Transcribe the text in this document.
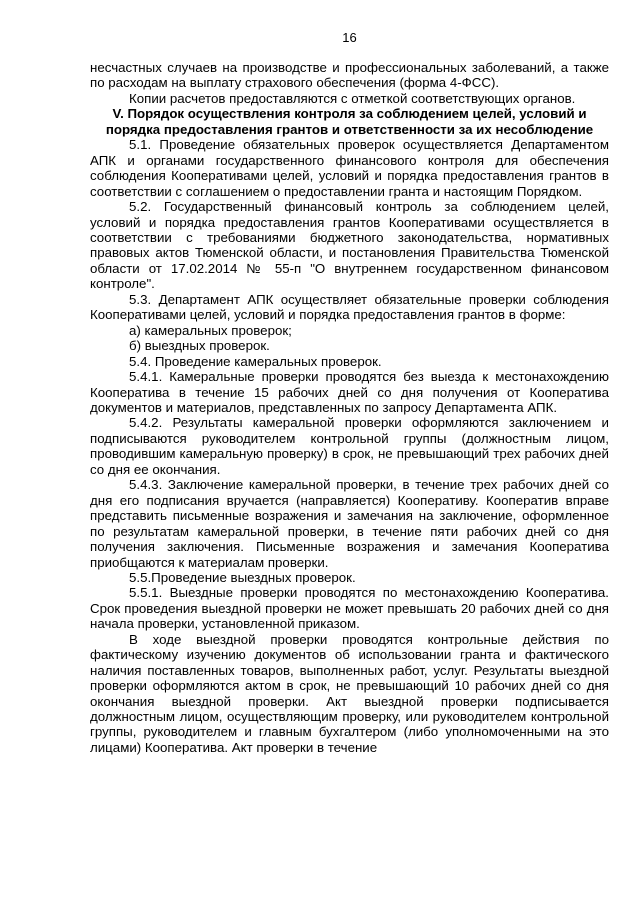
16

несчастных случаев на производстве и профессиональных заболеваний, а также по расходам на выплату страхового обеспечения (форма 4-ФСС).

Копии расчетов предоставляются с отметкой соответствующих органов.

V. Порядок осуществления контроля за соблюдением целей, условий и порядка предоставления грантов и ответственности за их несоблюдение

5.1. Проведение обязательных проверок осуществляется Департаментом АПК и органами государственного финансового контроля для обеспечения соблюдения Кооперативами целей, условий и порядка предоставления грантов в соответствии с соглашением о предоставлении гранта и настоящим Порядком.

5.2. Государственный финансовый контроль за соблюдением целей, условий и порядка предоставления грантов Кооперативами осуществляется в соответствии с требованиями бюджетного законодательства, нормативных правовых актов Тюменской области, и постановления Правительства Тюменской области от 17.02.2014 № 55-п "О внутреннем государственном финансовом контроле".

5.3. Департамент АПК осуществляет обязательные проверки соблюдения Кооперативами целей, условий и порядка предоставления грантов в форме:

а) камеральных проверок;

б) выездных проверок.

5.4. Проведение камеральных проверок.

5.4.1. Камеральные проверки проводятся без выезда к местонахождению Кооператива в течение 15 рабочих дней со дня получения от Кооператива документов и материалов, представленных по запросу Департамента АПК.

5.4.2. Результаты камеральной проверки оформляются заключением и подписываются руководителем контрольной группы (должностным лицом, проводившим камеральную проверку) в срок, не превышающий трех рабочих дней со дня ее окончания.

5.4.3. Заключение камеральной проверки, в течение трех рабочих дней со дня его подписания вручается (направляется) Кооперативу. Кооператив вправе представить письменные возражения и замечания на заключение, оформленное по результатам камеральной проверки, в течение пяти рабочих дней со дня получения заключения. Письменные возражения и замечания Кооператива приобщаются к материалам проверки.

5.5.Проведение выездных проверок.

5.5.1. Выездные проверки проводятся по местонахождению Кооператива. Срок проведения выездной проверки не может превышать 20 рабочих дней со дня начала проверки, установленной приказом.

В ходе выездной проверки проводятся контрольные действия по фактическому изучению документов об использовании гранта и фактического наличия поставленных товаров, выполненных работ, услуг. Результаты выездной проверки оформляются актом в срок, не превышающий 10 рабочих дней со дня окончания выездной проверки. Акт выездной проверки подписывается должностным лицом, осуществляющим проверку, или руководителем контрольной группы, руководителем и главным бухгалтером (либо уполномоченными на это лицами) Кооператива. Акт проверки в течение
